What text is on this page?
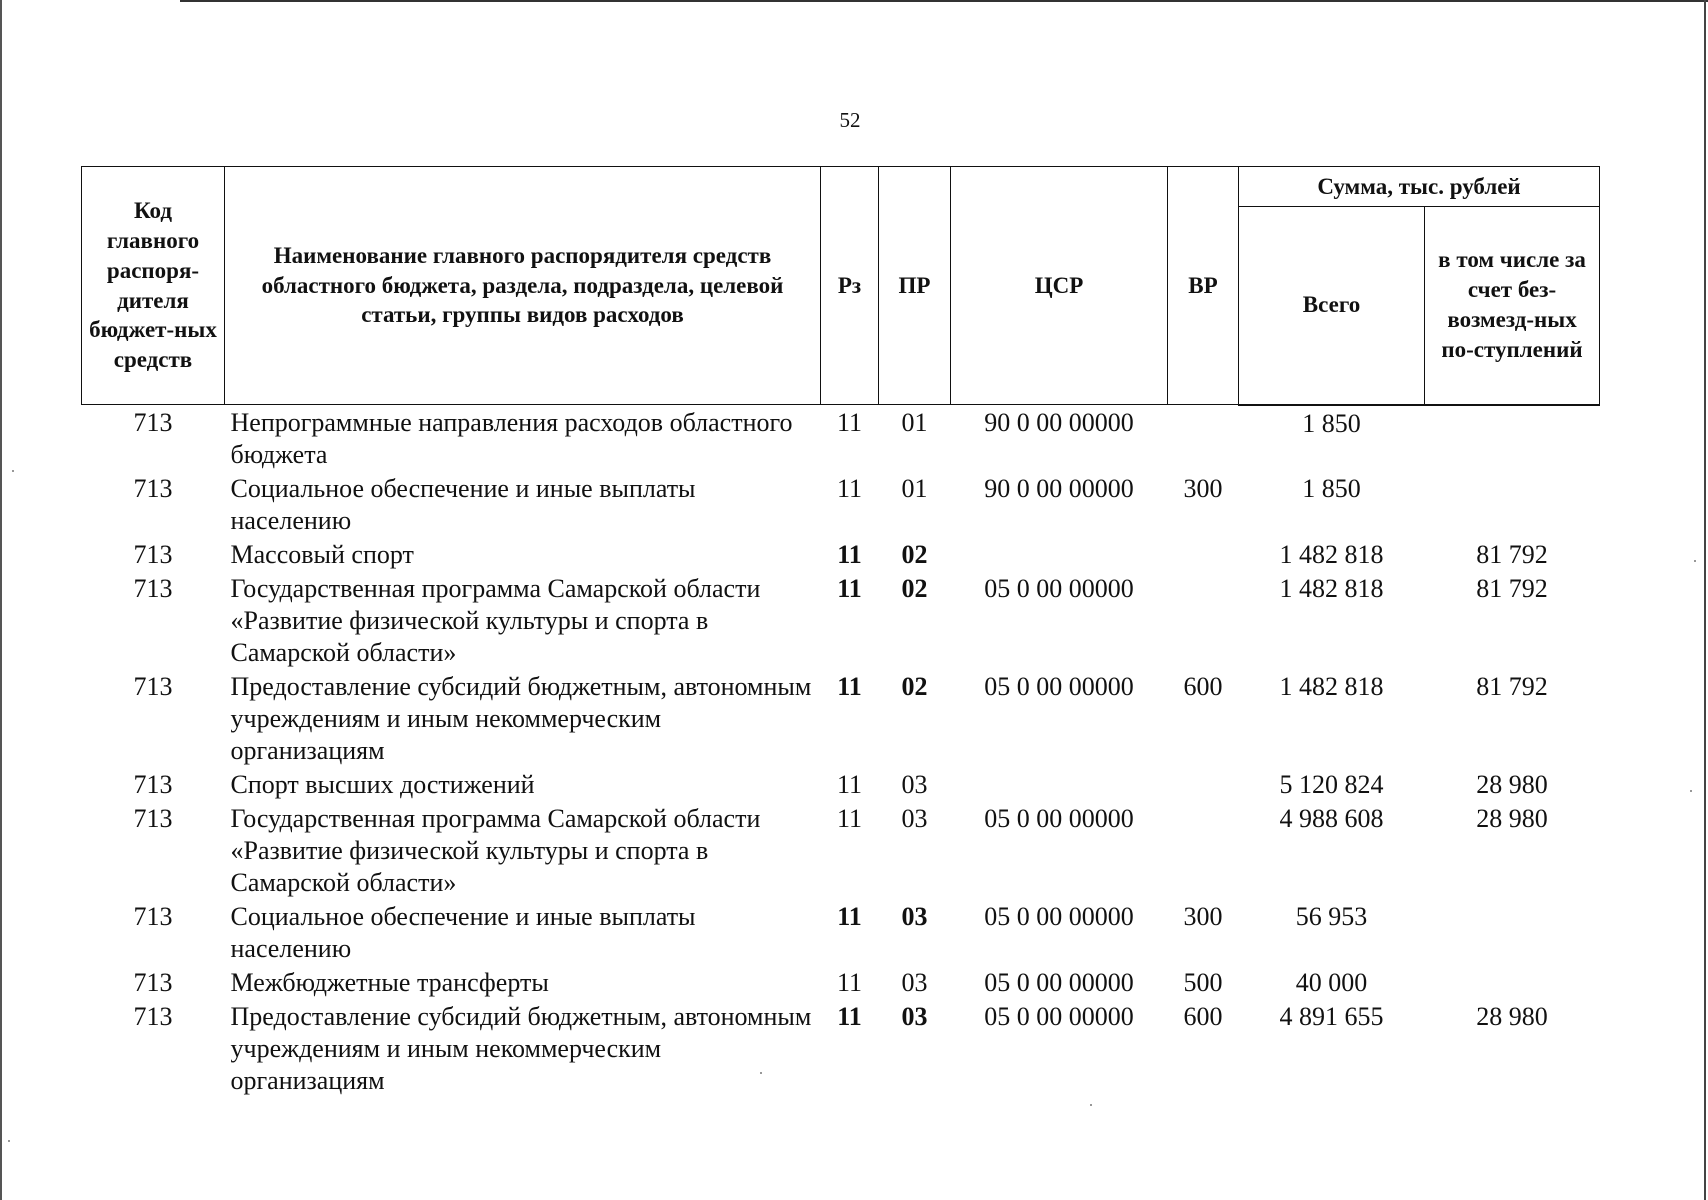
52
Код главного распоря-дителя бюджет-ных средств	Наименование главного распорядителя средств областного бюджета, раздела, подраздела, целевой статьи, группы видов расходов	Рз	ПР	ЦСР	ВР	Сумма, тыс. рублей	
						Всего	в том числе за счет без-возмезд-ных по-ступлений
713	Непрограммные направления расходов областного бюджета	11	01	90 0 00 00000		1 850	
713	Социальное обеспечение и иные выплаты населению	11	01	90 0 00 00000	300	1 850	
713	Массовый спорт	11	02			1 482 818	81 792
713	Государственная программа Самарской области «Развитие физической культуры и спорта в Самарской области»	11	02	05 0 00 00000		1 482 818	81 792
713	Предоставление субсидий бюджетным, автономным учреждениям и иным некоммерческим организациям	11	02	05 0 00 00000	600	1 482 818	81 792
713	Спорт высших достижений	11	03			5 120 824	28 980
713	Государственная программа Самарской области «Развитие физической культуры и спорта в Самарской области»	11	03	05 0 00 00000		4 988 608	28 980
713	Социальное обеспечение и иные выплаты населению	11	03	05 0 00 00000	300	56 953	
713	Межбюджетные трансферты	11	03	05 0 00 00000	500	40 000	
713	Предоставление субсидий бюджетным, автономным учреждениям и иным некоммерческим организациям	11	03	05 0 00 00000	600	4 891 655	28 980
